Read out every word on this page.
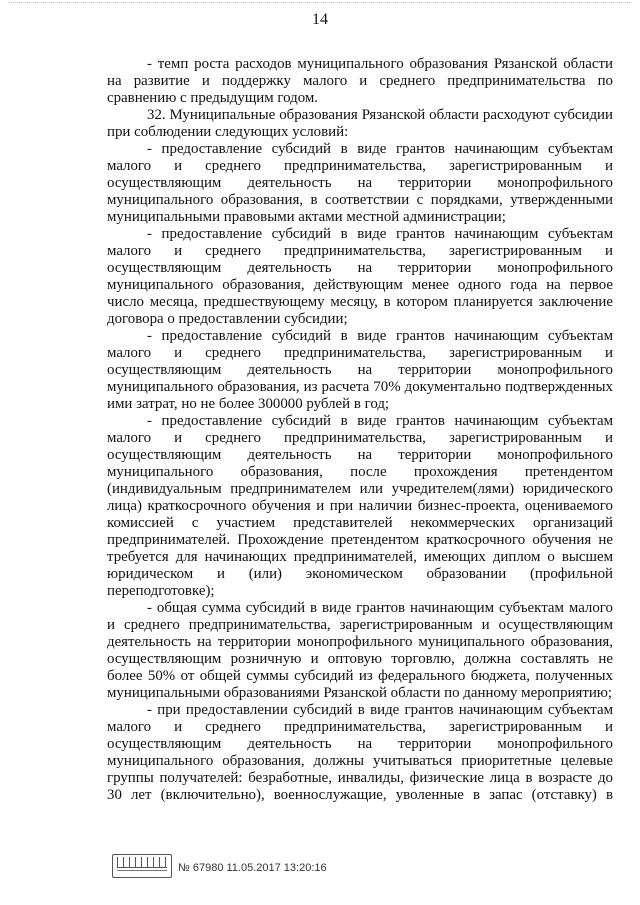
14

- темп роста расходов муниципального образования Рязанской области на развитие и поддержку малого и среднего предпринимательства по сравнению с предыдущим годом.

32. Муниципальные образования Рязанской области расходуют субсидии при соблюдении следующих условий:

- предоставление субсидий в виде грантов начинающим субъектам малого и среднего предпринимательства, зарегистрированным и осуществляющим деятельность на территории монопрофильного муниципального образования, в соответствии с порядками, утвержденными муниципальными правовыми актами местной администрации;

- предоставление субсидий в виде грантов начинающим субъектам малого и среднего предпринимательства, зарегистрированным и осуществляющим деятельность на территории монопрофильного муниципального образования, действующим менее одного года на первое число месяца, предшествующему месяцу, в котором планируется заключение договора о предоставлении субсидии;

- предоставление субсидий в виде грантов начинающим субъектам малого и среднего предпринимательства, зарегистрированным и осуществляющим деятельность на территории монопрофильного муниципального образования, из расчета 70% документально подтвержденных ими затрат, но не более 300000 рублей в год;

- предоставление субсидий в виде грантов начинающим субъектам малого и среднего предпринимательства, зарегистрированным и осуществляющим деятельность на территории монопрофильного муниципального образования, после прохождения претендентом (индивидуальным предпринимателем или учредителем(лями) юридического лица) краткосрочного обучения и при наличии бизнес-проекта, оцениваемого комиссией с участием представителей некоммерческих организаций предпринимателей. Прохождение претендентом краткосрочного обучения не требуется для начинающих предпринимателей, имеющих диплом о высшем юридическом и (или) экономическом образовании (профильной переподготовке);

- общая сумма субсидий в виде грантов начинающим субъектам малого и среднего предпринимательства, зарегистрированным и осуществляющим деятельность на территории монопрофильного муниципального образования, осуществляющим розничную и оптовую торговлю, должна составлять не более 50% от общей суммы субсидий из федерального бюджета, полученных муниципальными образованиями Рязанской области по данному мероприятию;

- при предоставлении субсидий в виде грантов начинающим субъектам малого и среднего предпринимательства, зарегистрированным и осуществляющим деятельность на территории монопрофильного муниципального образования, должны учитываться приоритетные целевые группы получателей: безработные, инвалиды, физические лица в возрасте до 30 лет (включительно), военнослужащие, уволенные в запас (отставку) в

№ 67980 11.05.2017 13:20:16
